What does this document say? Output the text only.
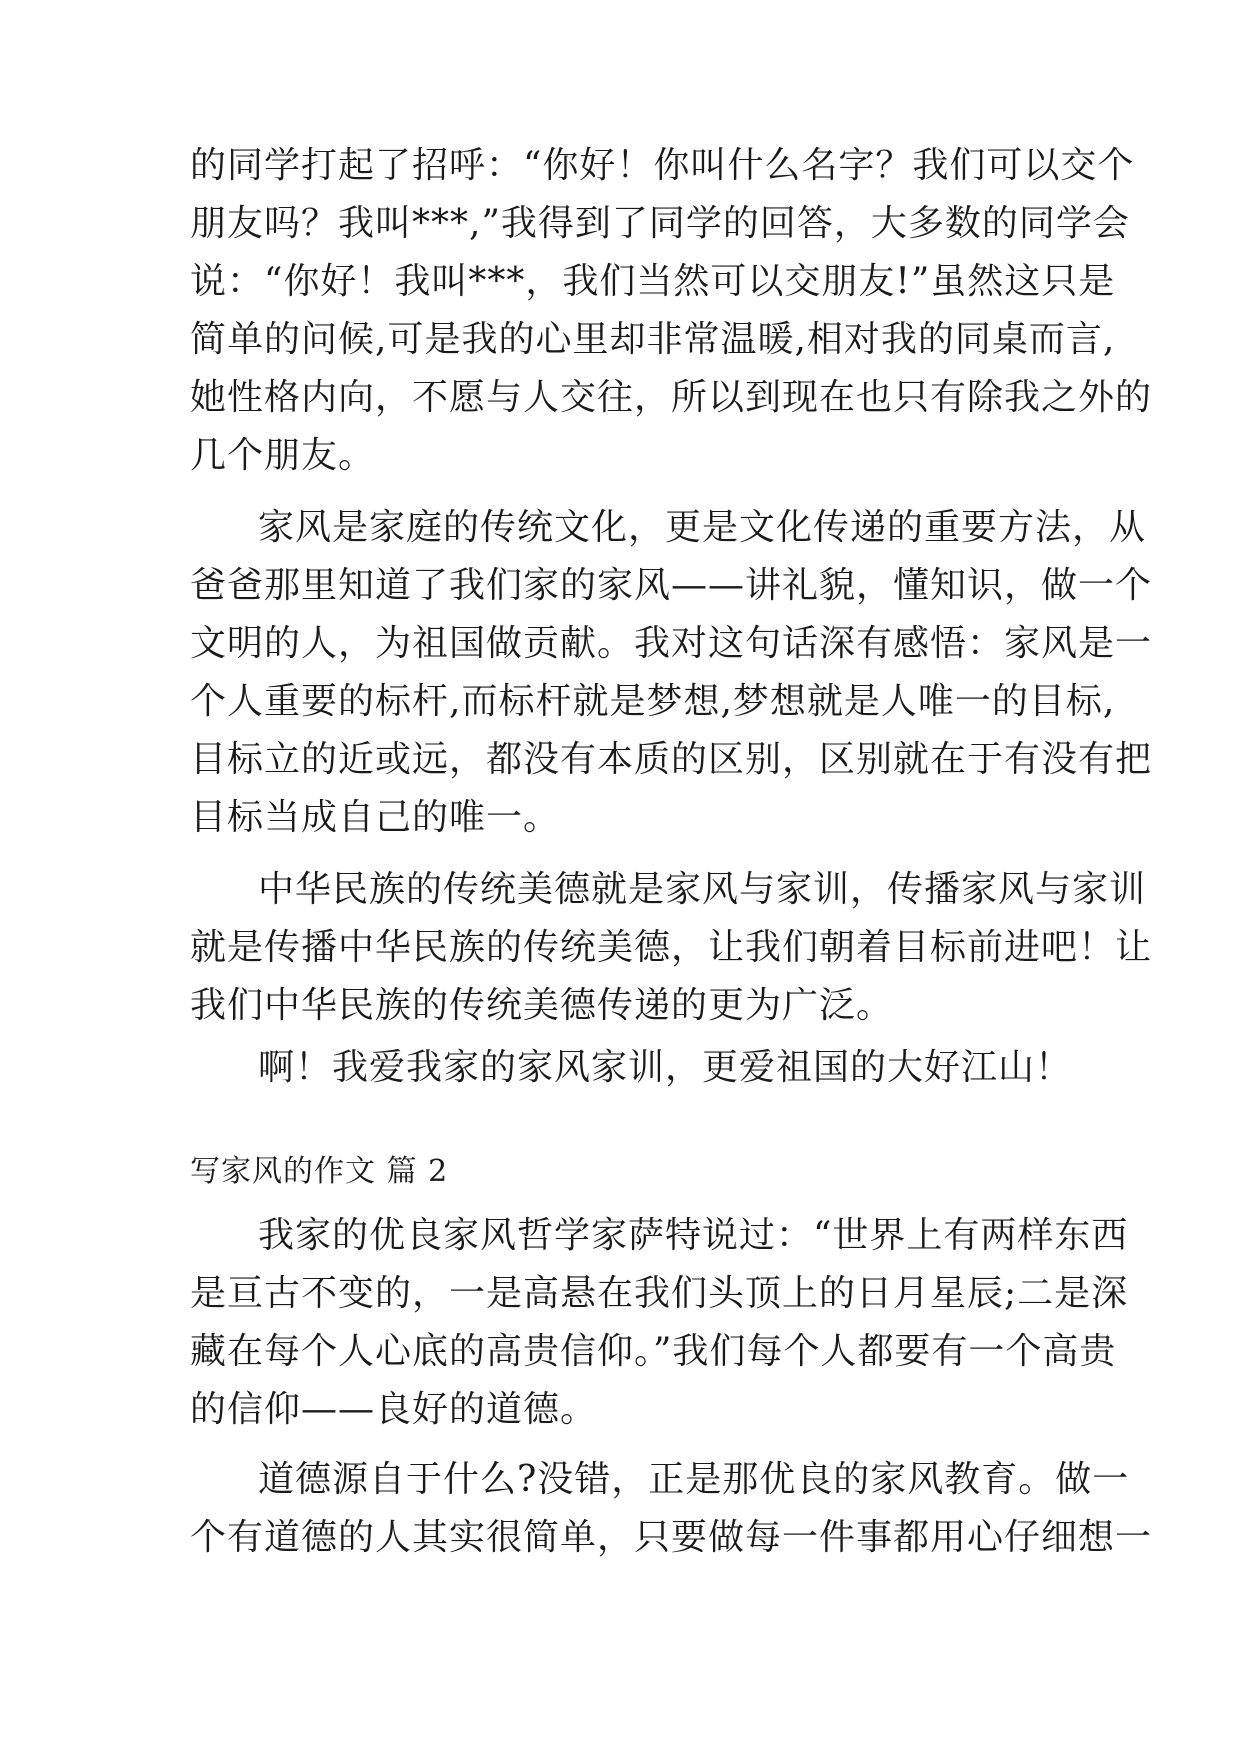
的同学打起了招呼：“你好！你叫什么名字？我们可以交个
朋友吗？我叫***,”我得到了同学的回答，大多数的同学会
说：“你好！我叫***，我们当然可以交朋友!”虽然这只是
简单的问候,可是我的心里却非常温暖,相对我的同桌而言,
她性格内向，不愿与人交往，所以到现在也只有除我之外的
几个朋友。
家风是家庭的传统文化，更是文化传递的重要方法，从
爸爸那里知道了我们家的家风——讲礼貌，懂知识，做一个
文明的人，为祖国做贡献。我对这句话深有感悟：家风是一
个人重要的标杆,而标杆就是梦想,梦想就是人唯一的目标,
目标立的近或远，都没有本质的区别，区别就在于有没有把
目标当成自己的唯一。
中华民族的传统美德就是家风与家训，传播家风与家训
就是传播中华民族的传统美德，让我们朝着目标前进吧！让
我们中华民族的传统美德传递的更为广泛。
啊！我爱我家的家风家训，更爱祖国的大好江山！
写家风的作文 篇 2
我家的优良家风哲学家萨特说过：“世界上有两样东西
是亘古不变的，一是高悬在我们头顶上的日月星辰;二是深
藏在每个人心底的高贵信仰。”我们每个人都要有一个高贵
的信仰——良好的道德。
道德源自于什么?没错，正是那优良的家风教育。做一
个有道德的人其实很简单，只要做每一件事都用心仔细想一
